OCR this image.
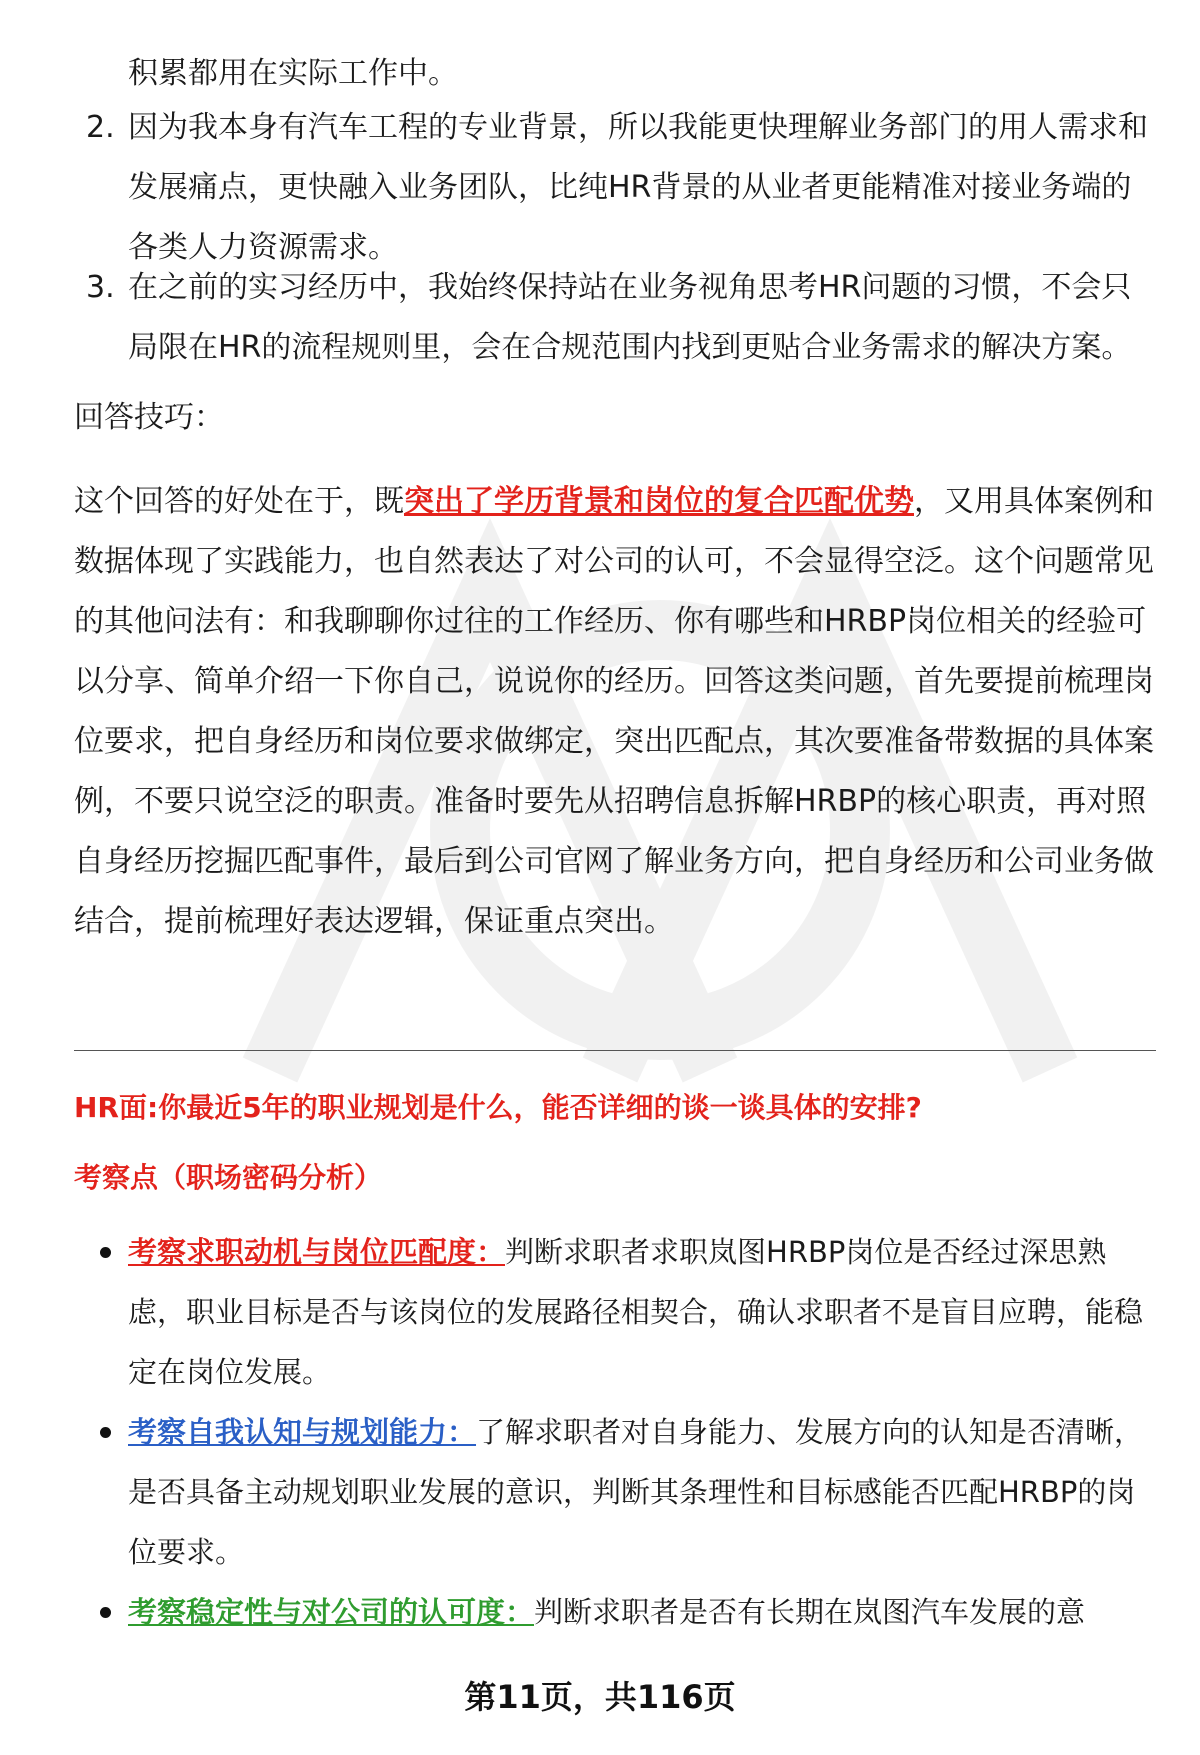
积累都用在实际工作中。
2. 因为我本身有汽车工程的专业背景，所以我能更快理解业务部门的用人需求和发展痛点，更快融入业务团队，比纯HR背景的从业者更能精准对接业务端的各类人力资源需求。
3. 在之前的实习经历中，我始终保持站在业务视角思考HR问题的习惯，不会只局限在HR的流程规则里，会在合规范围内找到更贴合业务需求的解决方案。
回答技巧：

这个回答的好处在于，既突出了学历背景和岗位的复合匹配优势，又用具体案例和数据体现了实践能力，也自然表达了对公司的认可，不会显得空泛。这个问题常见的其他问法有：和我聊聊你过往的工作经历、你有哪些和HRBP岗位相关的经验可以分享、简单介绍一下你自己，说说你的经历。回答这类问题，首先要提前梳理岗位要求，把自身经历和岗位要求做绑定，突出匹配点，其次要准备带数据的具体案例，不要只说空泛的职责。准备时要先从招聘信息拆解HRBP的核心职责，再对照自身经历挖掘匹配事件，最后到公司官网了解业务方向，把自身经历和公司业务做结合，提前梳理好表达逻辑，保证重点突出。

HR面:你最近5年的职业规划是什么，能否详细的谈一谈具体的安排?
考察点（职场密码分析）
考察求职动机与岗位匹配度：判断求职者求职岚图HRBP岗位是否经过深思熟虑，职业目标是否与该岗位的发展路径相契合，确认求职者不是盲目应聘，能稳定在岗位发展。
考察自我认知与规划能力：了解求职者对自身能力、发展方向的认知是否清晰，是否具备主动规划职业发展的意识，判断其条理性和目标感能否匹配HRBP的岗位要求。
考察稳定性与对公司的认可度：判断求职者是否有长期在岚图汽车发展的意
第11页，共116页
